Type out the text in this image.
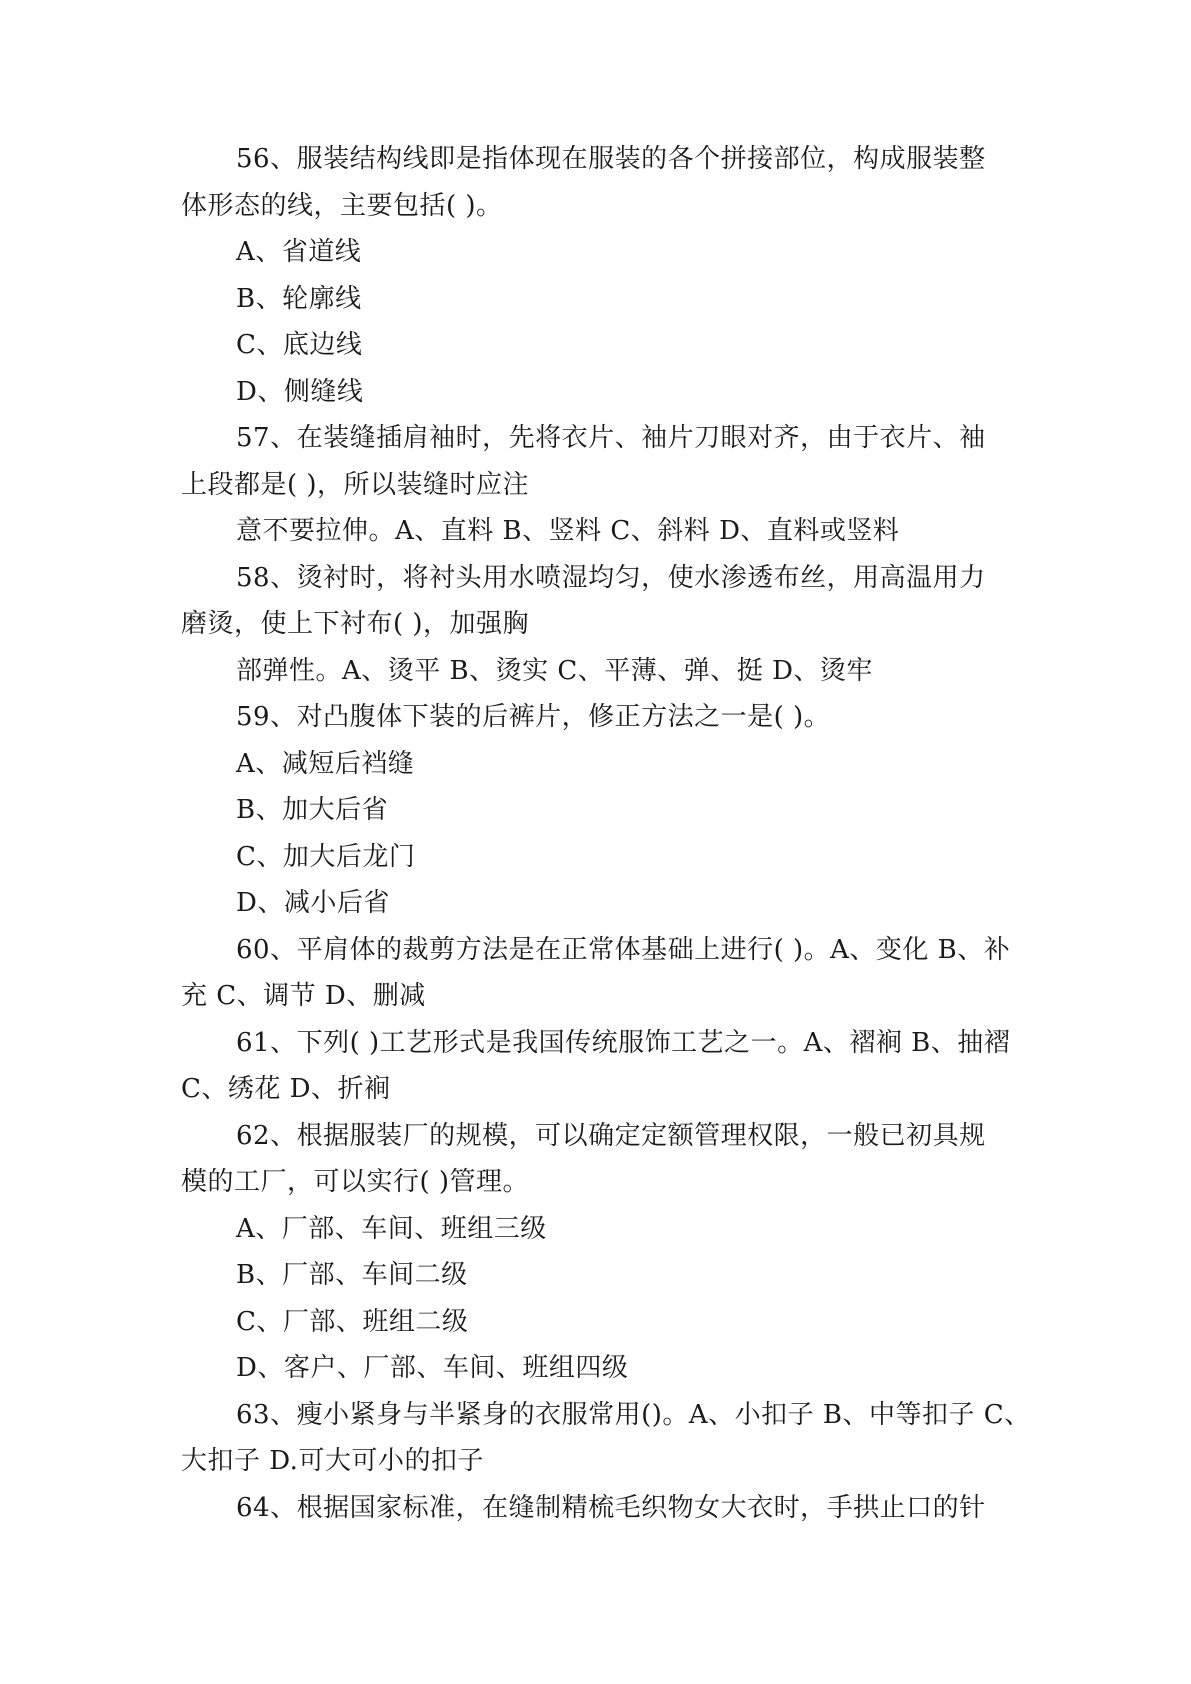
56、服装结构线即是指体现在服装的各个拼接部位，构成服装整
体形态的线，主要包括( )。
A、省道线
B、轮廓线
C、底边线
D、侧缝线
57、在装缝插肩袖时，先将衣片、袖片刀眼对齐，由于衣片、袖
上段都是( )，所以装缝时应注
意不要拉伸。A、直料 B、竖料 C、斜料 D、直料或竖料
58、烫衬时，将衬头用水喷湿均匀，使水渗透布丝，用高温用力
磨烫，使上下衬布( )，加强胸
部弹性。A、烫平 B、烫实 C、平薄、弹、挺 D、烫牢
59、对凸腹体下装的后裤片，修正方法之一是( )。
A、减短后裆缝
B、加大后省
C、加大后龙门
D、减小后省
60、平肩体的裁剪方法是在正常体基础上进行( )。A、变化 B、补
充 C、调节 D、删减
61、下列( )工艺形式是我国传统服饰工艺之一。A、褶裥 B、抽褶
C、绣花 D、折裥
62、根据服装厂的规模，可以确定定额管理权限，一般已初具规
模的工厂，可以实行( )管理。
A、厂部、车间、班组三级
B、厂部、车间二级
C、厂部、班组二级
D、客户、厂部、车间、班组四级
63、瘦小紧身与半紧身的衣服常用()。A、小扣子 B、中等扣子 C、
大扣子 D.可大可小的扣子
64、根据国家标准，在缝制精梳毛织物女大衣时，手拱止口的针
